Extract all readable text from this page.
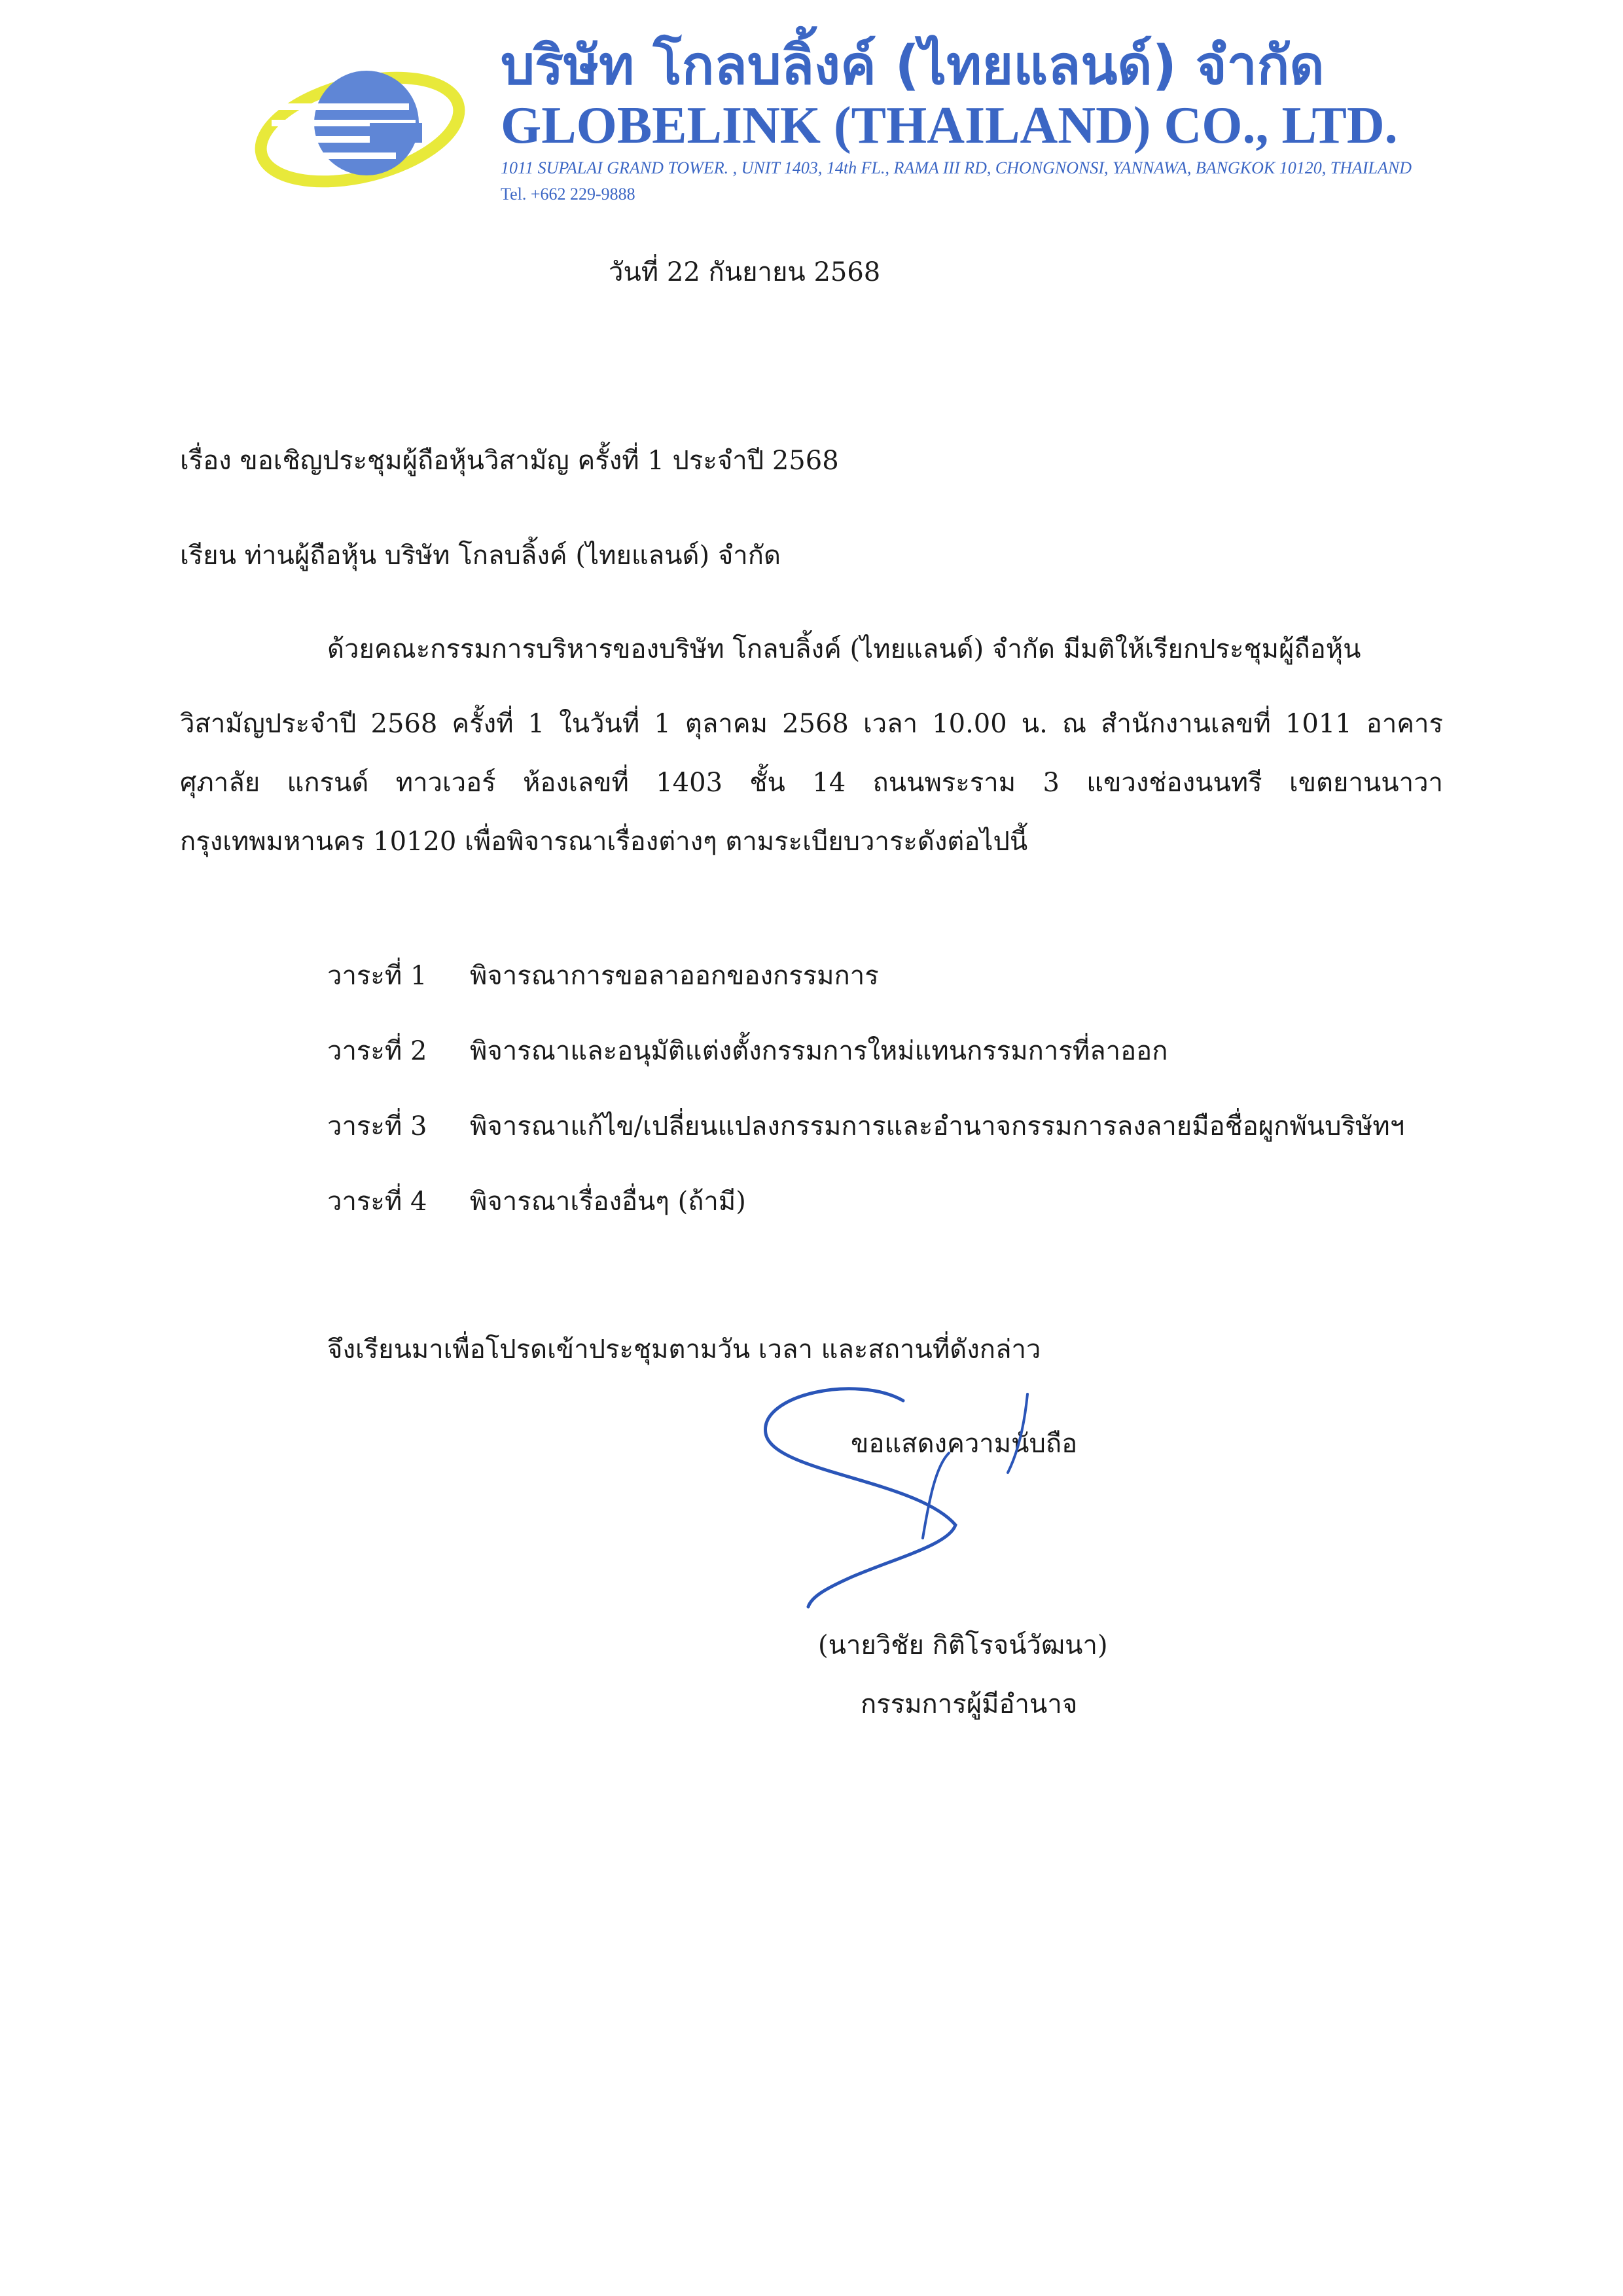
บริษัท โกลบลิ้งค์ (ไทยแลนด์) จำกัด
GLOBELINK (THAILAND) CO., LTD.
1011 SUPALAI GRAND TOWER. , UNIT 1403, 14th FL., RAMA III RD, CHONGNONSI, YANNAWA, BANGKOK 10120, THAILAND
Tel. +662 229-9888
วันที่ 22 กันยายน 2568
เรื่อง ขอเชิญประชุมผู้ถือหุ้นวิสามัญ ครั้งที่ 1 ประจำปี 2568
เรียน ท่านผู้ถือหุ้น บริษัท โกลบลิ้งค์ (ไทยแลนด์) จำกัด
ด้วยคณะกรรมการบริหารของบริษัท โกลบลิ้งค์ (ไทยแลนด์) จำกัด มีมติให้เรียกประชุมผู้ถือหุ้น
วิสามัญประจำปี 2568 ครั้งที่ 1 ในวันที่ 1 ตุลาคม 2568 เวลา 10.00 น. ณ สำนักงานเลขที่ 1011 อาคาร
ศุภาลัย แกรนด์ ทาวเวอร์ ห้องเลขที่ 1403 ชั้น 14 ถนนพระราม 3 แขวงช่องนนทรี เขตยานนาวา
กรุงเทพมหานคร 10120 เพื่อพิจารณาเรื่องต่างๆ ตามระเบียบวาระดังต่อไปนี้
วาระที่ 1 พิจารณาการขอลาออกของกรรมการ
วาระที่ 2 พิจารณาและอนุมัติแต่งตั้งกรรมการใหม่แทนกรรมการที่ลาออก
วาระที่ 3 พิจารณาแก้ไข/เปลี่ยนแปลงกรรมการและอำนาจกรรมการลงลายมือชื่อผูกพันบริษัทฯ
วาระที่ 4 พิจารณาเรื่องอื่นๆ (ถ้ามี)
จึงเรียนมาเพื่อโปรดเข้าประชุมตามวัน เวลา และสถานที่ดังกล่าว
ขอแสดงความนับถือ
(นายวิชัย กิติโรจน์วัฒนา)
กรรมการผู้มีอำนาจ
